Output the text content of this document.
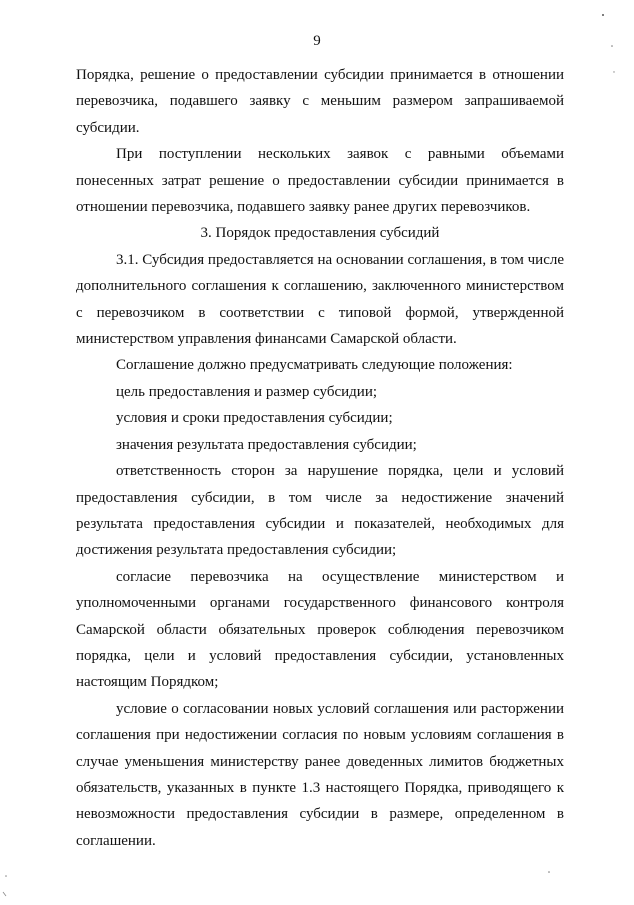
9

Порядка, решение о предоставлении субсидии принимается в отношении перевозчика, подавшего заявку с меньшим размером запрашиваемой субсидии.

При поступлении нескольких заявок с равными объемами понесенных затрат решение о предоставлении субсидии принимается в отношении перевозчика, подавшего заявку ранее других перевозчиков.

3. Порядок предоставления субсидий

3.1. Субсидия предоставляется на основании соглашения, в том числе дополнительного соглашения к соглашению, заключенного министерством с перевозчиком в соответствии с типовой формой, утвержденной министерством управления финансами Самарской области.

Соглашение должно предусматривать следующие положения:

цель предоставления и размер субсидии;

условия и сроки предоставления субсидии;

значения результата предоставления субсидии;

ответственность сторон за нарушение порядка, цели и условий предоставления субсидии, в том числе за недостижение значений результата предоставления субсидии и показателей, необходимых для достижения результата предоставления субсидии;

согласие перевозчика на осуществление министерством и уполномоченными органами государственного финансового контроля Самарской области обязательных проверок соблюдения перевозчиком порядка, цели и условий предоставления субсидии, установленных настоящим Порядком;

условие о согласовании новых условий соглашения или расторжении соглашения при недостижении согласия по новым условиям соглашения в случае уменьшения министерству ранее доведенных лимитов бюджетных обязательств, указанных в пункте 1.3 настоящего Порядка, приводящего к невозможности предоставления субсидии в размере, определенном в соглашении.
